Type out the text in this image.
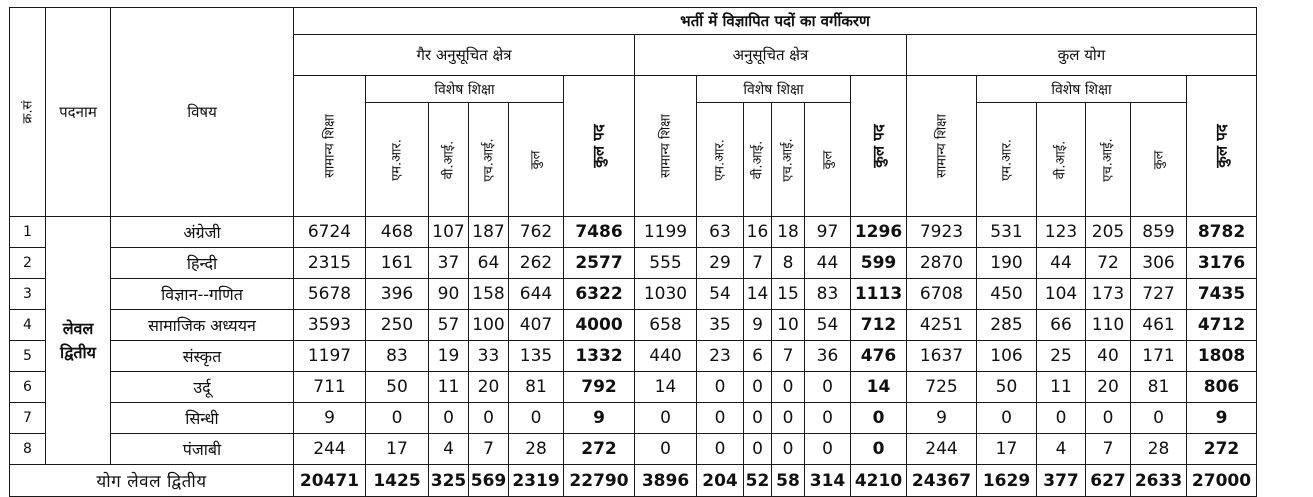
क्र.सं	पदनाम	विषय	भर्ती में विज्ञापित पदों का वर्गीकरण																	
			गैर अनुसूचित क्षेत्र						अनुसूचित क्षेत्र						कुल योग					

			सामान्य शिक्षा	विशेष शिक्षा				कुल पद	सामान्य शिक्षा	विशेष शिक्षा				कुल पद	सामान्य शिक्षा	विशेष शिक्षा				कुल पद

				एम.आर.	वी.आई.	एच.आई.	कुल			एम.आर.	वी.आई.	एच.आई.	कुल			एम.आर.	वी.आई.	एच.आई.	कुल	

1	लेवल द्वितीय	अंग्रेजी	6724	468	107	187	762	7486	1199	63	16	18	97	1296	7923	531	123	205	859	8782
2		हिन्दी	2315	161	37	64	262	2577	555	29	7	8	44	599	2870	190	44	72	306	3176
3		विज्ञान--गणित	5678	396	90	158	644	6322	1030	54	14	15	83	1113	6708	450	104	173	727	7435
4		सामाजिक अध्ययन	3593	250	57	100	407	4000	658	35	9	10	54	712	4251	285	66	110	461	4712
5		संस्कृत	1197	83	19	33	135	1332	440	23	6	7	36	476	1637	106	25	40	171	1808
6		उर्दू	711	50	11	20	81	792	14	0	0	0	0	14	725	50	11	20	81	806
7		सिन्धी	9	0	0	0	0	9	0	0	0	0	0	0	9	0	0	0	0	9
8		पंजाबी	244	17	4	7	28	272	0	0	0	0	0	0	244	17	4	7	28	272
योग लेवल द्वितीय			20471	1425	325	569	2319	22790	3896	204	52	58	314	4210	24367	1629	377	627	2633	27000
